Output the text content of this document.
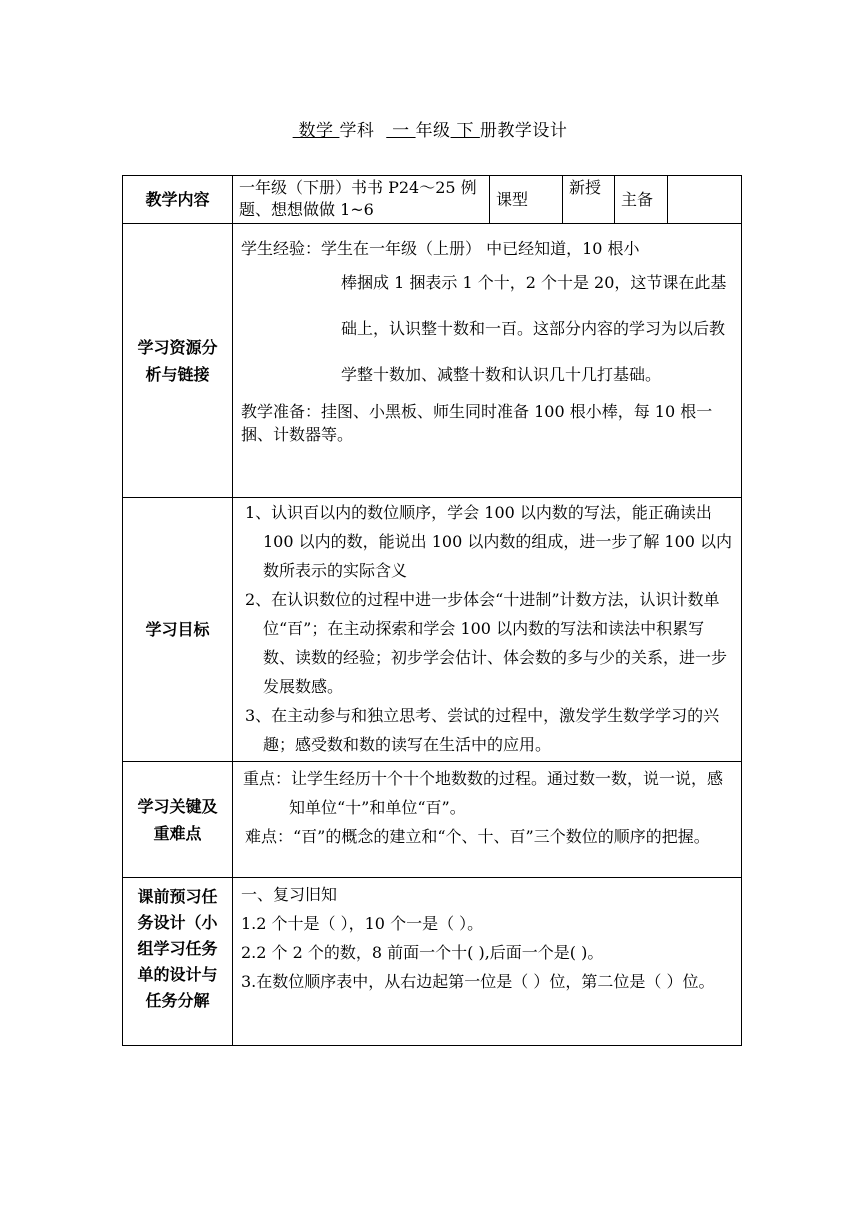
数学 学科   一 年级 下 册教学设计
教学内容	一年级（下册）书书 P24～25 例题、想想做做 1~6	课型	新授	主备	

学习资源分析与链接	学生经验：学生在一年级（上册） 中已经知道，10 根小

棒捆成 1 捆表示 1 个十，2 个十是 20，这节课在此基础上，认识整十数和一百。这部分内容的学习为以后教学整十数加、减整十数和认识几十几打基础。

教学准备：挂图、小黑板、师生同时准备 100 根小棒，每 10 根一捆、计数器等。				

学习目标	1、认识百以内的数位顺序，学会 100 以内数的写法，能正确读出 100 以内的数，能说出 100 以内数的组成，进一步了解 100 以内数所表示的实际含义

2、在认识数位的过程中进一步体会“十进制”计数方法，认识计数单位“百”；在主动探索和学会 100 以内数的写法和读法中积累写数、读数的经验；初步学会估计、体会数的多与少的关系，进一步发展数感。

3、在主动参与和独立思考、尝试的过程中，激发学生数学学习的兴趣；感受数和数的读写在生活中的应用。				

学习关键及重难点	重点：让学生经历十个十个地数数的过程。通过数一数，说一说，感知单位“十”和单位“百”。

难点：“百”的概念的建立和“个、十、百”三个数位的顺序的把握。				

课前预习任务设计（小组学习任务单的设计与任务分解	一、复习旧知

1.2 个十是（ ），10 个一是（ ）。

2.2 个 2 个的数，8 前面一个十( ),后面一个是( )。

3.在数位顺序表中，从右边起第一位是（ ）位，第二位是（ ）位。				
